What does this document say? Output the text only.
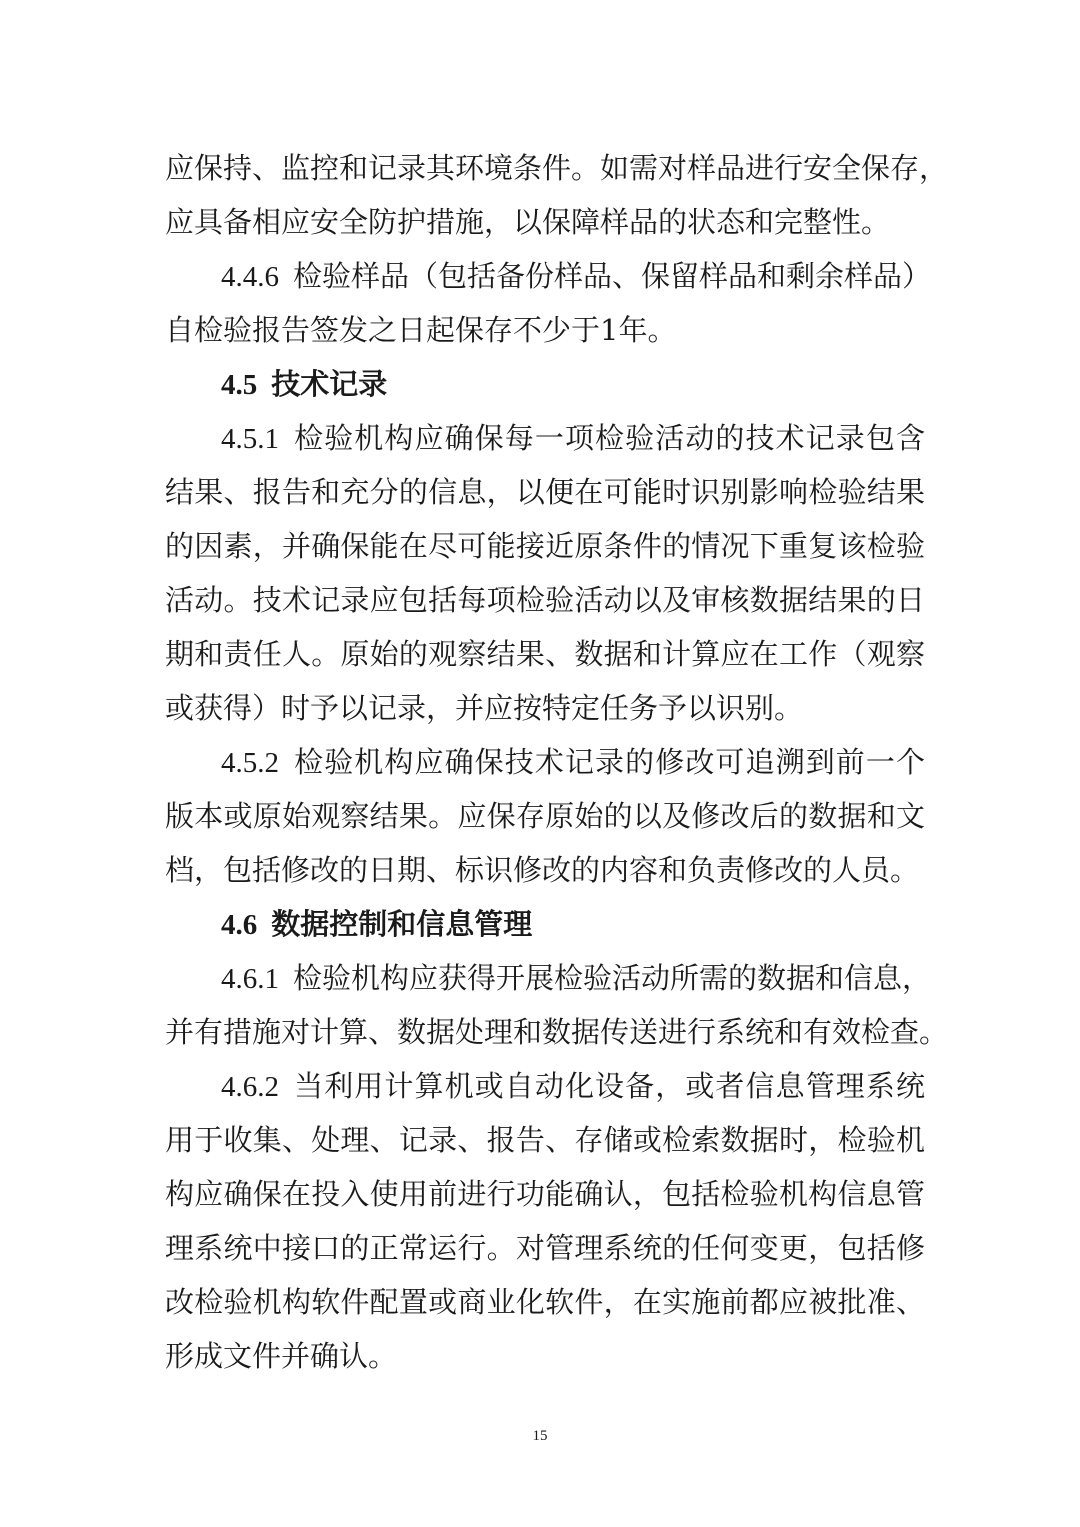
应保持、监控和记录其环境条件。如需对样品进行安全保存，
应具备相应安全防护措施，以保障样品的状态和完整性。
4.4.6 检验样品（包括备份样品、保留样品和剩余样品）
自检验报告签发之日起保存不少于1年。
4.5 技术记录
4.5.1 检验机构应确保每一项检验活动的技术记录包含
结果、报告和充分的信息，以便在可能时识别影响检验结果
的因素，并确保能在尽可能接近原条件的情况下重复该检验
活动。技术记录应包括每项检验活动以及审核数据结果的日
期和责任人。原始的观察结果、数据和计算应在工作（观察
或获得）时予以记录，并应按特定任务予以识别。
4.5.2 检验机构应确保技术记录的修改可追溯到前一个
版本或原始观察结果。应保存原始的以及修改后的数据和文
档，包括修改的日期、标识修改的内容和负责修改的人员。
4.6 数据控制和信息管理
4.6.1 检验机构应获得开展检验活动所需的数据和信息，
并有措施对计算、数据处理和数据传送进行系统和有效检查。
4.6.2 当利用计算机或自动化设备，或者信息管理系统
用于收集、处理、记录、报告、存储或检索数据时，检验机
构应确保在投入使用前进行功能确认，包括检验机构信息管
理系统中接口的正常运行。对管理系统的任何变更，包括修
改检验机构软件配置或商业化软件，在实施前都应被批准、
形成文件并确认。
15
